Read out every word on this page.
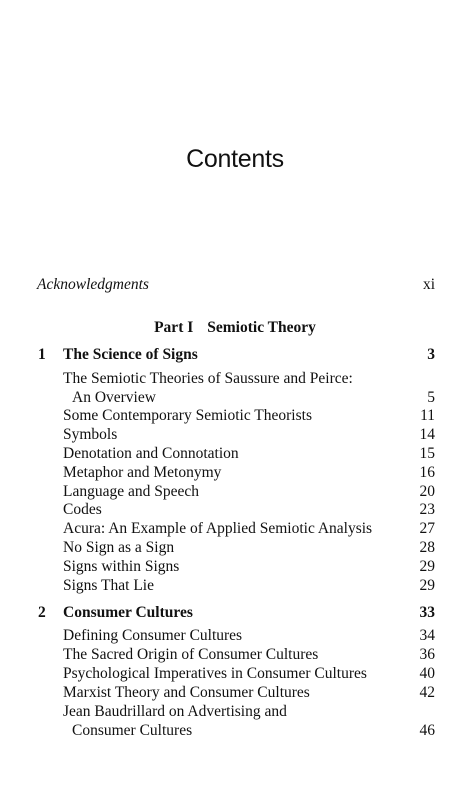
Contents
Acknowledgments	xi
Part I Semiotic Theory
1 The Science of Signs	3
The Semiotic Theories of Saussure and Peirce:
An Overview	5
Some Contemporary Semiotic Theorists	11
Symbols	14
Denotation and Connotation	15
Metaphor and Metonymy	16
Language and Speech	20
Codes	23
Acura: An Example of Applied Semiotic Analysis	27
No Sign as a Sign	28
Signs within Signs	29
Signs That Lie	29
2 Consumer Cultures	33
Defining Consumer Cultures	34
The Sacred Origin of Consumer Cultures	36
Psychological Imperatives in Consumer Cultures	40
Marxist Theory and Consumer Cultures	42
Jean Baudrillard on Advertising and
Consumer Cultures	46
